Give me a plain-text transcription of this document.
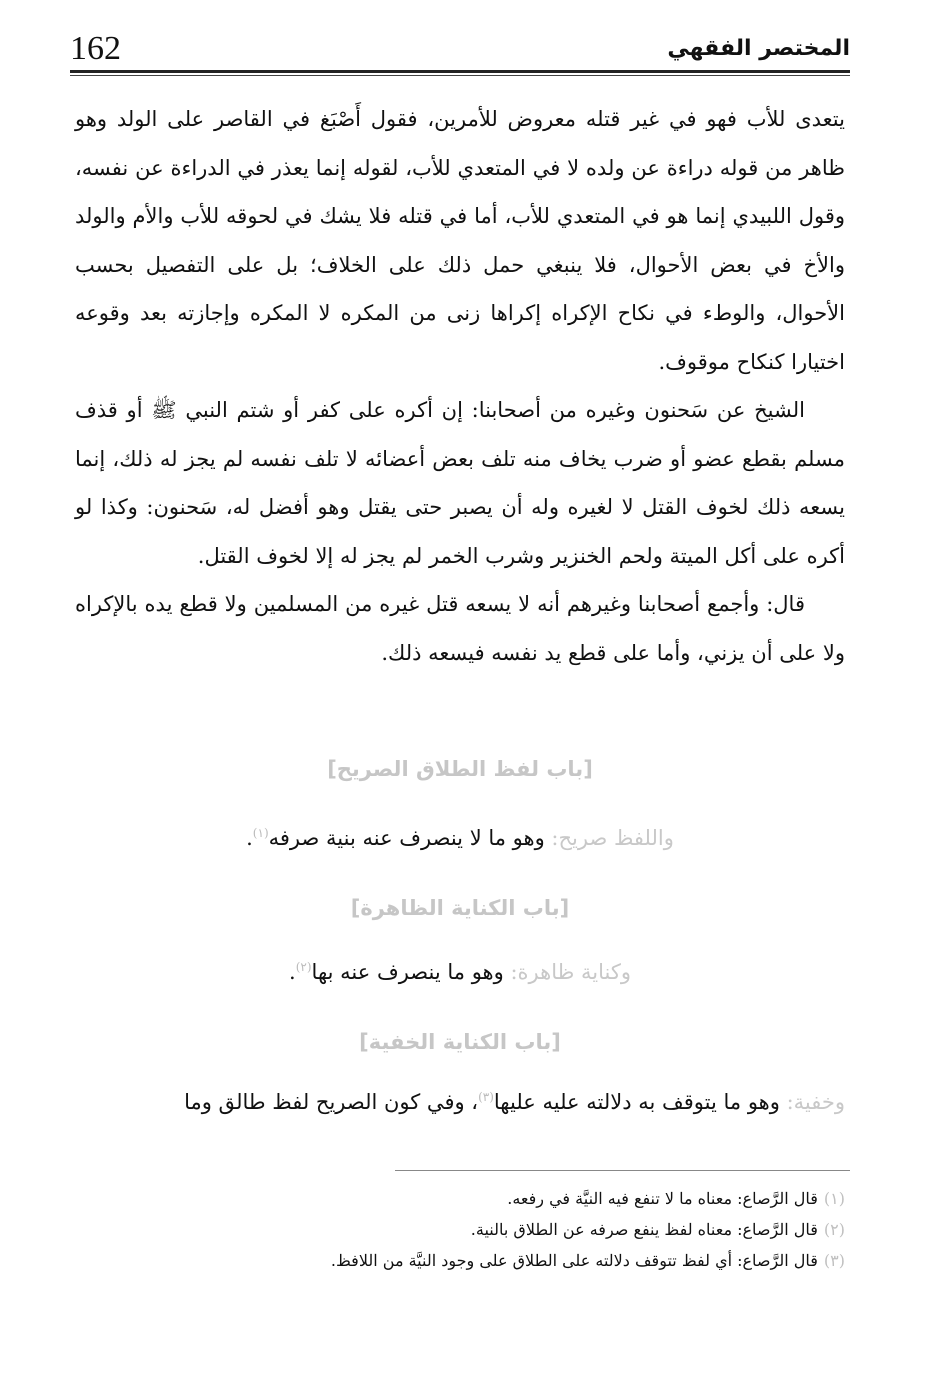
162	المختصر الفقهي

يتعدى للأب فهو في غير قتله معروض للأمرين، فقول أَصْبَغ في القاصر على الولد وهو ظاهر من قوله دراءة عن ولده لا في المتعدي للأب، لقوله إنما يعذر في الدراءة عن نفسه، وقول اللبيدي إنما هو في المتعدي للأب، أما في قتله فلا يشك في لحوقه للأب والأم والولد والأخ في بعض الأحوال، فلا ينبغي حمل ذلك على الخلاف؛ بل على التفصيل بحسب الأحوال، والوطء في نكاح الإكراه إكراها زنى من المكره لا المكره وإجازته بعد وقوعه اختيارا كنكاح موقوف.

الشيخ عن سَحنون وغيره من أصحابنا: إن أكره على كفر أو شتم النبي ﷺ أو قذف مسلم بقطع عضو أو ضرب يخاف منه تلف بعض أعضائه لا تلف نفسه لم يجز له ذلك، إنما يسعه ذلك لخوف القتل لا لغيره وله أن يصبر حتى يقتل وهو أفضل له، سَحنون: وكذا لو أكره على أكل الميتة ولحم الخنزير وشرب الخمر لم يجز له إلا لخوف القتل.

قال: وأجمع أصحابنا وغيرهم أنه لا يسعه قتل غيره من المسلمين ولا قطع يده بالإكراه ولا على أن يزني، وأما على قطع يد نفسه فيسعه ذلك.

[باب لفظ الطلاق الصريح]
واللفظ صريح: وهو ما لا ينصرف عنه بنية صرفه$^{(١)}$.
[باب الكناية الظاهرة]
وكناية ظاهرة: وهو ما ينصرف عنه بها$^{(٢)}$.
[باب الكناية الخفية]
وخفية: وهو ما يتوقف به دلالته عليه عليها$^{(٣)}$، وفي كون الصريح لفظ طالق وما

(١)قال الرَّصاع: معناه ما لا تنفع فيه النيَّة في رفعه.

(٢)قال الرَّصاع: معناه لفظ ينفع صرفه عن الطلاق بالنية.

(٣)قال الرَّصاع: أي لفظ تتوقف دلالته على الطلاق على وجود النيَّة من اللافظ.
